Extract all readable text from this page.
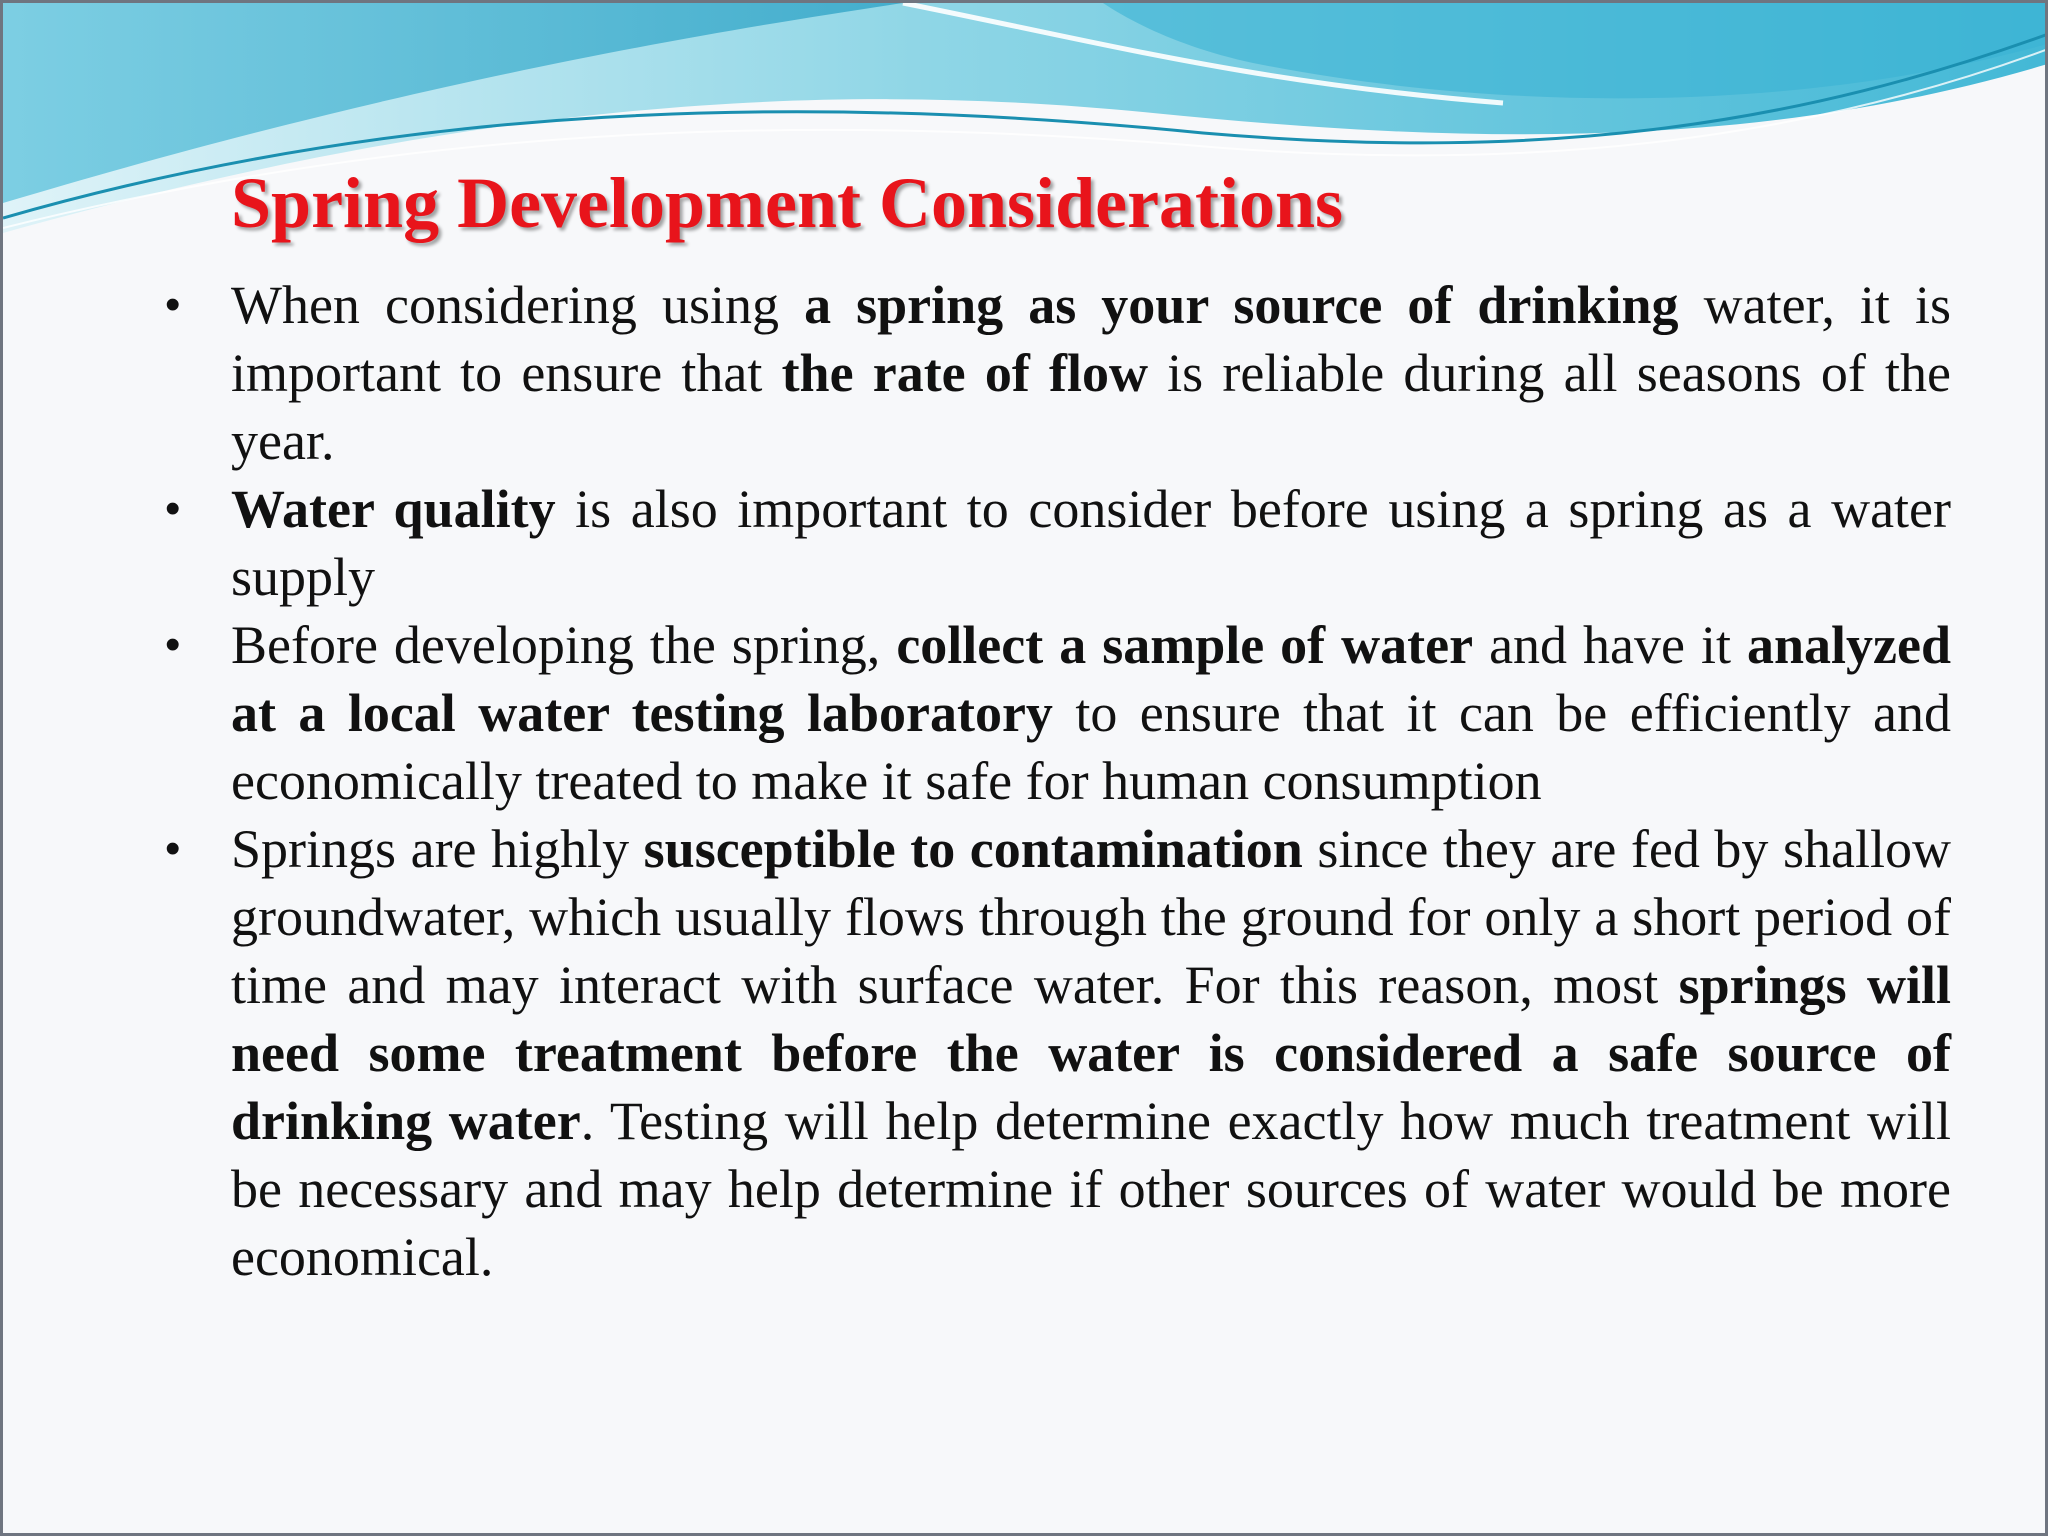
Spring Development Considerations
• When considering using a spring as your source of drinking water, it is important to ensure that the rate of flow is reliable during all seasons of the year.
• Water quality is also important to consider before using a spring as a water supply
• Before developing the spring, collect a sample of water and have it analyzed at a local water testing laboratory to ensure that it can be efficiently and economically treated to make it safe for human consumption
• Springs are highly susceptible to contamination since they are fed by shallow groundwater, which usually flows through the ground for only a short period of time and may interact with surface water. For this reason, most springs will need some treatment before the water is considered a safe source of drinking water. Testing will help determine exactly how much treatment will be necessary and may help determine if other sources of water would be more economical.
